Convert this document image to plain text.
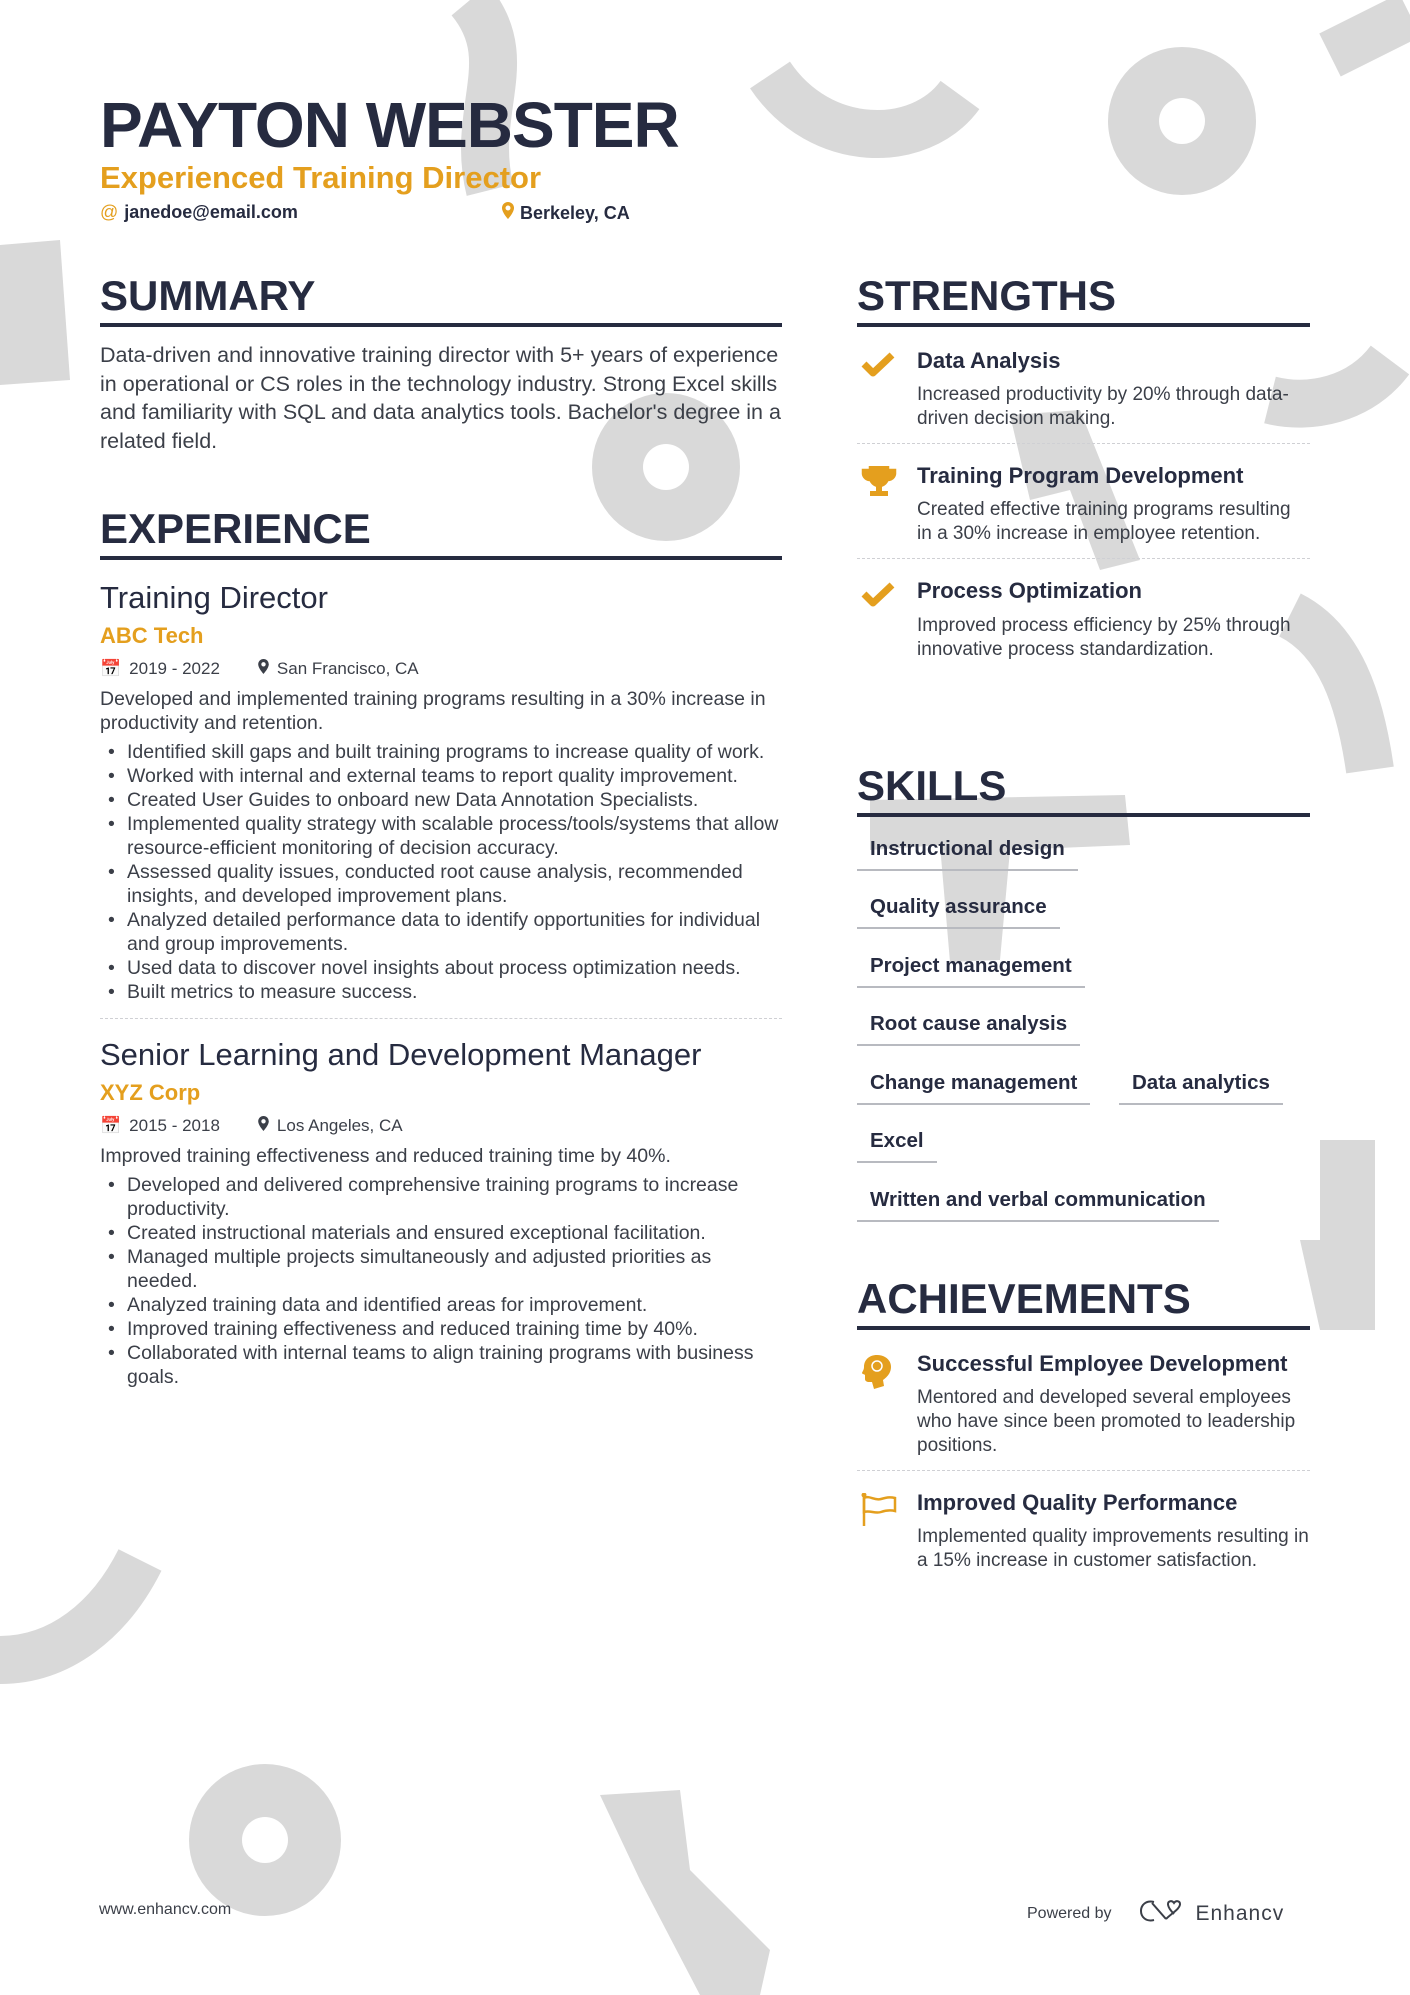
PAYTON WEBSTER
Experienced Training Director
@ janedoe@email.com	Berkeley, CA
SUMMARY
Data-driven and innovative training director with 5+ years of experience in operational or CS roles in the technology industry. Strong Excel skills and familiarity with SQL and data analytics tools. Bachelor's degree in a related field.
EXPERIENCE
Training Director
ABC Tech
📅 2019 - 2022	San Francisco, CA
Developed and implemented training programs resulting in a 30% increase in productivity and retention.
• Identified skill gaps and built training programs to increase quality of work.
• Worked with internal and external teams to report quality improvement.
• Created User Guides to onboard new Data Annotation Specialists.
• Implemented quality strategy with scalable process/tools/systems that allow resource-efficient monitoring of decision accuracy.
• Assessed quality issues, conducted root cause analysis, recommended insights, and developed improvement plans.
• Analyzed detailed performance data to identify opportunities for individual and group improvements.
• Used data to discover novel insights about process optimization needs.
• Built metrics to measure success.
Senior Learning and Development Manager
XYZ Corp
📅 2015 - 2018	Los Angeles, CA
Improved training effectiveness and reduced training time by 40%.
• Developed and delivered comprehensive training programs to increase productivity.
• Created instructional materials and ensured exceptional facilitation.
• Managed multiple projects simultaneously and adjusted priorities as needed.
• Analyzed training data and identified areas for improvement.
• Improved training effectiveness and reduced training time by 40%.
• Collaborated with internal teams to align training programs with business goals.
STRENGTHS
Data Analysis
Increased productivity by 20% through data-driven decision making.
Training Program Development
Created effective training programs resulting in a 30% increase in employee retention.
Process Optimization
Improved process efficiency by 25% through innovative process standardization.
SKILLS
Instructional design
Quality assurance
Project management
Root cause analysis
Change management	Data analytics
Excel
Written and verbal communication
ACHIEVEMENTS
Successful Employee Development
Mentored and developed several employees who have since been promoted to leadership positions.
Improved Quality Performance
Implemented quality improvements resulting in a 15% increase in customer satisfaction.
www.enhancv.com	Powered by	Enhancv
